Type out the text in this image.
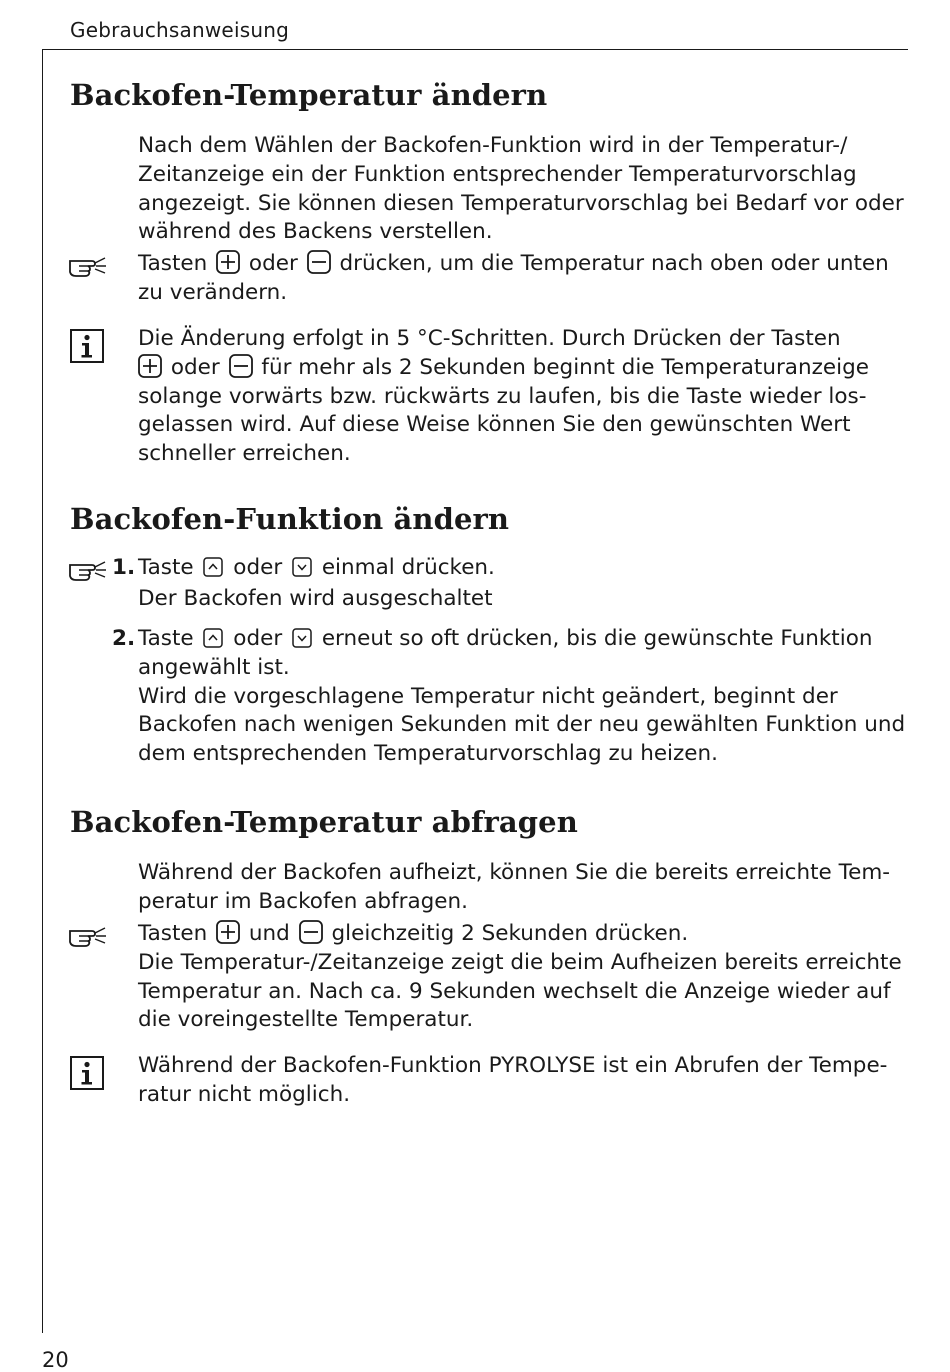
Gebrauchsanweisung
Backofen-Temperatur ändern
Nach dem Wählen der Backofen-Funktion wird in der Temperatur-/
Zeitanzeige ein der Funktion entsprechender Temperaturvorschlag
angezeigt. Sie können diesen Temperaturvorschlag bei Bedarf vor oder
während des Backens verstellen.
Tasten  oder  drücken, um die Temperatur nach oben oder unten
zu verändern.
Die Änderung erfolgt in 5 °C-Schritten. Durch Drücken der Tasten
oder  für mehr als 2 Sekunden beginnt die Temperaturanzeige
solange vorwärts bzw. rückwärts zu laufen, bis die Taste wieder los-
gelassen wird. Auf diese Weise können Sie den gewünschten Wert
schneller erreichen.
Backofen-Funktion ändern
1. Taste  oder  einmal drücken.
Der Backofen wird ausgeschaltet
2. Taste  oder  erneut so oft drücken, bis die gewünschte Funktion
angewählt ist.
Wird die vorgeschlagene Temperatur nicht geändert, beginnt der
Backofen nach wenigen Sekunden mit der neu gewählten Funktion und
dem entsprechenden Temperaturvorschlag zu heizen.
Backofen-Temperatur abfragen
Während der Backofen aufheizt, können Sie die bereits erreichte Tem-
peratur im Backofen abfragen.
Tasten  und  gleichzeitig 2 Sekunden drücken.
Die Temperatur-/Zeitanzeige zeigt die beim Aufheizen bereits erreichte
Temperatur an. Nach ca. 9 Sekunden wechselt die Anzeige wieder auf
die voreingestellte Temperatur.
Während der Backofen-Funktion PYROLYSE ist ein Abrufen der Tempe-
ratur nicht möglich.
20
